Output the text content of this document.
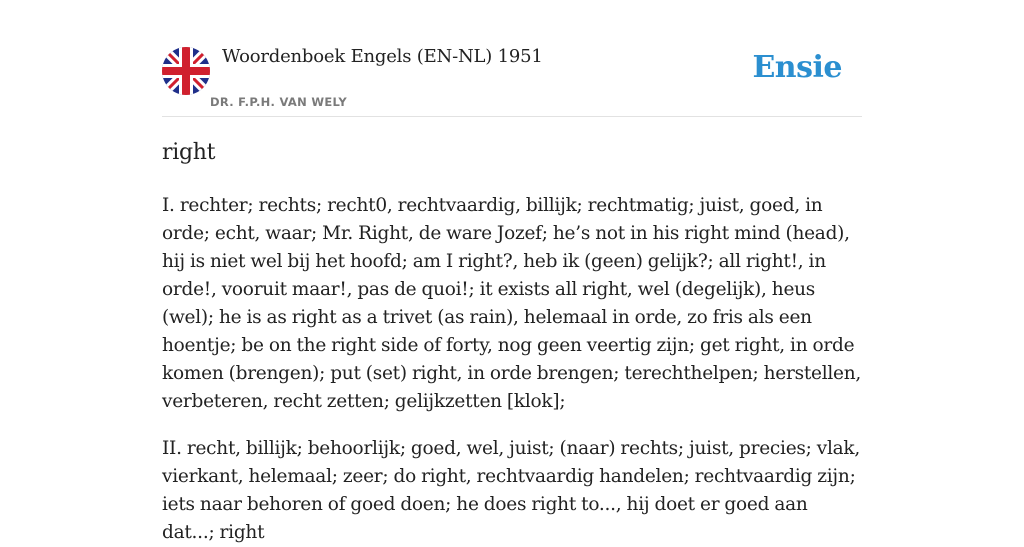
Woordenboek Engels (EN-NL) 1951
DR. F.P.H. VAN WELY
Ensie
right

I. rechter; rechts; recht0, rechtvaardig, billijk; rechtmatig; juist, goed, in orde; echt, waar; Mr. Right, de ware Jozef; he’s not in his right mind (head), hij is niet wel bij het hoofd; am I right?, heb ik (geen) gelijk?; all right!, in orde!, vooruit maar!, pas de quoi!; it exists all right, wel (degelijk), heus (wel); he is as right as a trivet (as rain), helemaal in orde, zo fris als een hoentje; be on the right side of forty, nog geen veertig zijn; get right, in orde komen (brengen); put (set) right, in orde brengen; terechthelpen; herstellen, verbeteren, recht zetten; gelijkzetten [klok];

II. recht, billijk; behoorlijk; goed, wel, juist; (naar) rechts; juist, precies; vlak, vierkant, helemaal; zeer; do right, rechtvaardig handelen; rechtvaardig zijn; iets naar behoren of goed doen; he does right to..., hij doet er goed aan dat...; right
